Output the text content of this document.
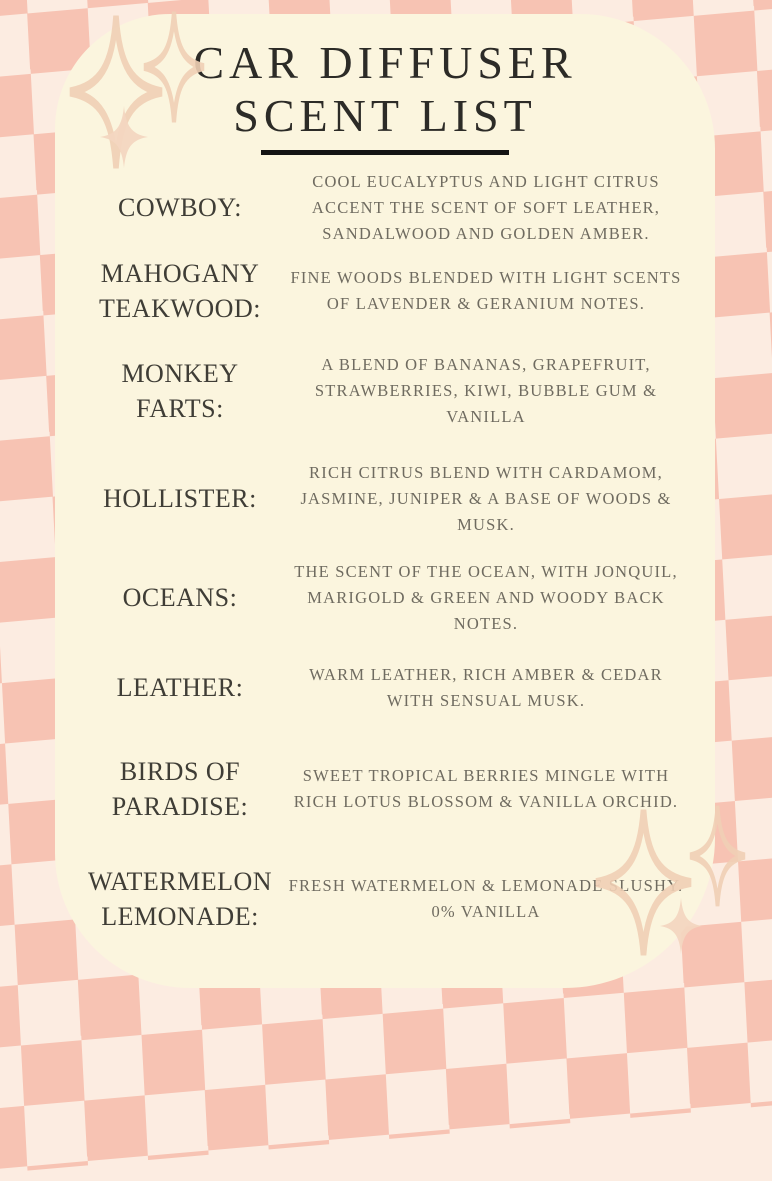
CAR DIFFUSER
SCENT LIST
COWBOY:
COOL EUCALYPTUS AND LIGHT CITRUS ACCENT THE SCENT OF SOFT LEATHER, SANDALWOOD AND GOLDEN AMBER.
MAHOGANY TEAKWOOD:
FINE WOODS BLENDED WITH LIGHT SCENTS OF LAVENDER & GERANIUM NOTES.
MONKEY FARTS:
A BLEND OF BANANAS, GRAPEFRUIT, STRAWBERRIES, KIWI, BUBBLE GUM & VANILLA
HOLLISTER:
RICH CITRUS BLEND WITH CARDAMOM, JASMINE, JUNIPER & A BASE OF WOODS & MUSK.
OCEANS:
THE SCENT OF THE OCEAN, WITH JONQUIL, MARIGOLD & GREEN AND WOODY BACK NOTES.
LEATHER:	WARM LEATHER, RICH AMBER & CEDAR WITH SENSUAL MUSK.
BIRDS OF PARADISE:
SWEET TROPICAL BERRIES MINGLE WITH RICH LOTUS BLOSSOM & VANILLA ORCHID.
WATERMELON LEMONADE:
FRESH WATERMELON & LEMONADE SLUSHY. 0% VANILLA
